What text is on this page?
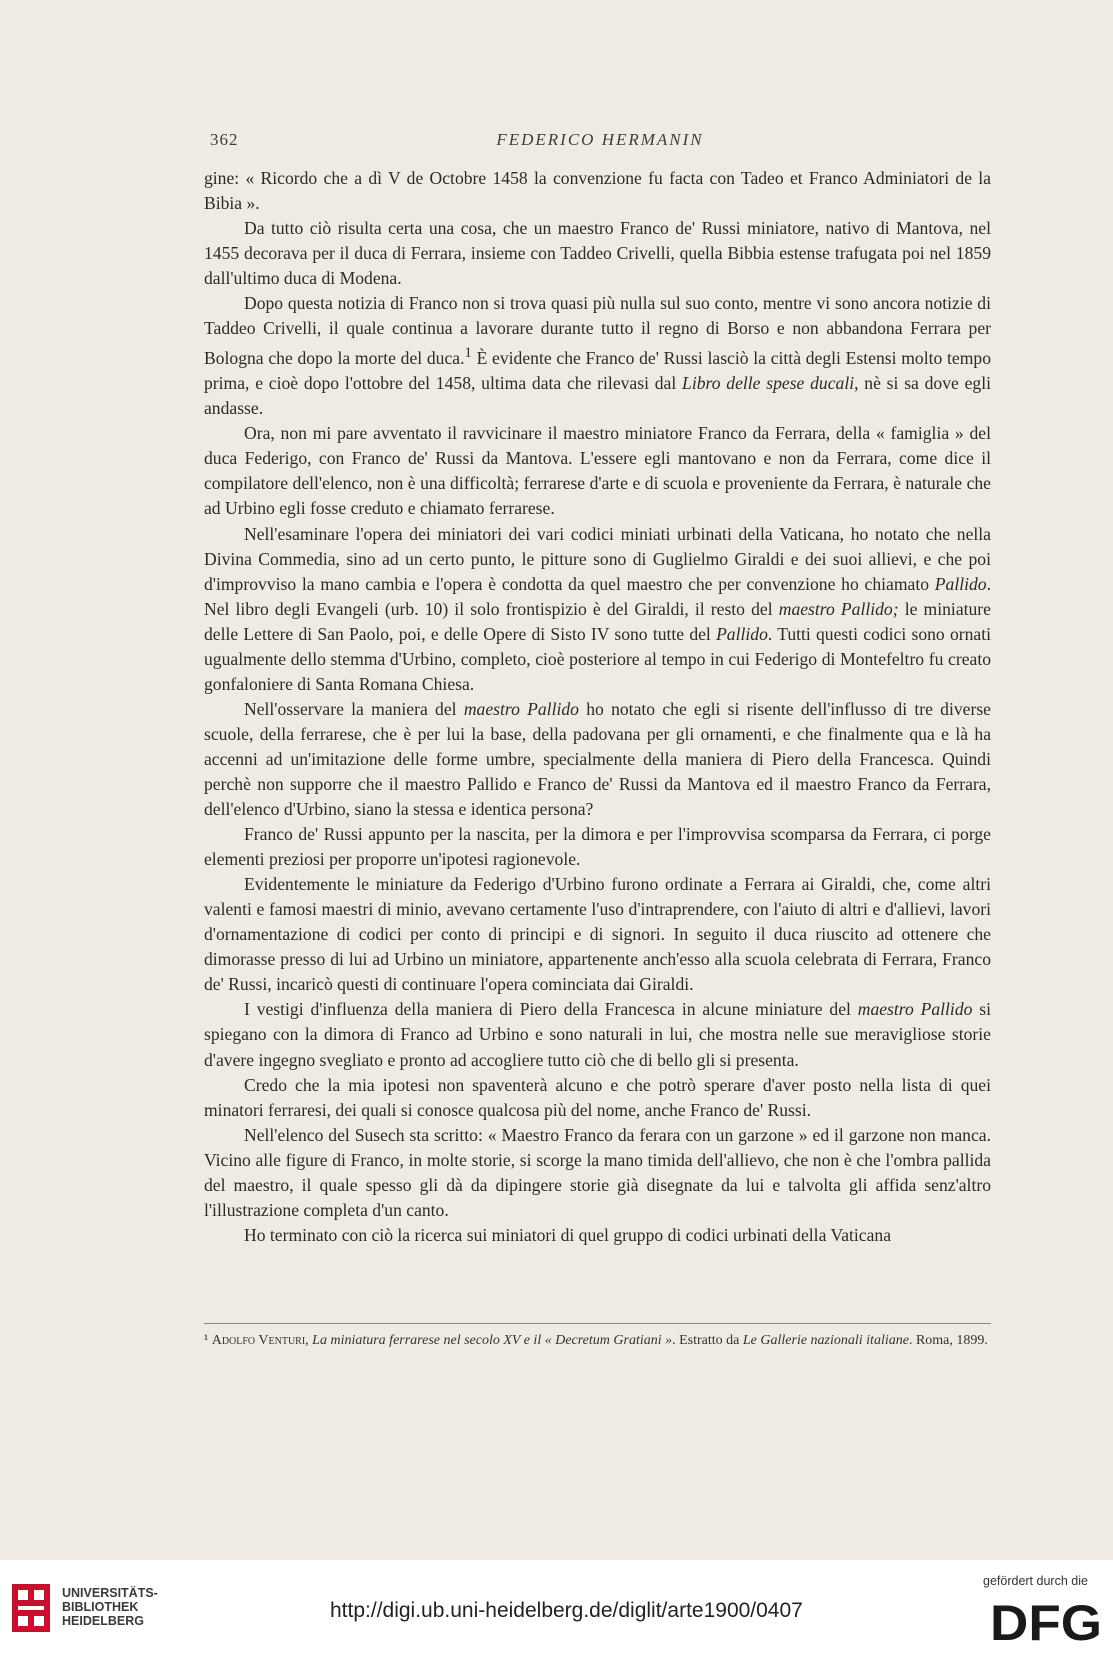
362	FEDERICO HERMANIN

gine: « Ricordo che a dì V de Octobre 1458 la convenzione fu facta con Tadeo et Franco Adminiatori de la Bibia ».

Da tutto ciò risulta certa una cosa, che un maestro Franco de' Russi miniatore, nativo di Mantova, nel 1455 decorava per il duca di Ferrara, insieme con Taddeo Crivelli, quella Bibbia estense trafugata poi nel 1859 dall'ultimo duca di Modena.

Dopo questa notizia di Franco non si trova quasi più nulla sul suo conto, mentre vi sono ancora notizie di Taddeo Crivelli, il quale continua a lavorare durante tutto il regno di Borso e non abbandona Ferrara per Bologna che dopo la morte del duca.$^1$ È evidente che Franco de' Russi lasciò la città degli Estensi molto tempo prima, e cioè dopo l'ottobre del 1458, ultima data che rilevasi dal Libro delle spese ducali, nè si sa dove egli andasse.

Ora, non mi pare avventato il ravvicinare il maestro miniatore Franco da Ferrara, della « famiglia » del duca Federigo, con Franco de' Russi da Mantova. L'essere egli mantovano e non da Ferrara, come dice il compilatore dell'elenco, non è una difficoltà; ferrarese d'arte e di scuola e proveniente da Ferrara, è naturale che ad Urbino egli fosse creduto e chiamato ferrarese.

Nell'esaminare l'opera dei miniatori dei vari codici miniati urbinati della Vaticana, ho notato che nella Divina Commedia, sino ad un certo punto, le pitture sono di Guglielmo Giraldi e dei suoi allievi, e che poi d'improvviso la mano cambia e l'opera è condotta da quel maestro che per convenzione ho chiamato Pallido. Nel libro degli Evangeli (urb. 10) il solo frontispizio è del Giraldi, il resto del maestro Pallido; le miniature delle Lettere di San Paolo, poi, e delle Opere di Sisto IV sono tutte del Pallido. Tutti questi codici sono ornati ugualmente dello stemma d'Urbino, completo, cioè posteriore al tempo in cui Federigo di Montefeltro fu creato gonfaloniere di Santa Romana Chiesa.

Nell'osservare la maniera del maestro Pallido ho notato che egli si risente dell'influsso di tre diverse scuole, della ferrarese, che è per lui la base, della padovana per gli ornamenti, e che finalmente qua e là ha accenni ad un'imitazione delle forme umbre, specialmente della maniera di Piero della Francesca. Quindi perchè non supporre che il maestro Pallido e Franco de' Russi da Mantova ed il maestro Franco da Ferrara, dell'elenco d'Urbino, siano la stessa e identica persona?

Franco de' Russi appunto per la nascita, per la dimora e per l'improvvisa scomparsa da Ferrara, ci porge elementi preziosi per proporre un'ipotesi ragionevole.

Evidentemente le miniature da Federigo d'Urbino furono ordinate a Ferrara ai Giraldi, che, come altri valenti e famosi maestri di minio, avevano certamente l'uso d'intraprendere, con l'aiuto di altri e d'allievi, lavori d'ornamentazione di codici per conto di principi e di signori. In seguito il duca riuscito ad ottenere che dimorasse presso di lui ad Urbino un miniatore, appartenente anch'esso alla scuola celebrata di Ferrara, Franco de' Russi, incaricò questi di continuare l'opera cominciata dai Giraldi.

I vestigi d'influenza della maniera di Piero della Francesca in alcune miniature del maestro Pallido si spiegano con la dimora di Franco ad Urbino e sono naturali in lui, che mostra nelle sue meravigliose storie d'avere ingegno svegliato e pronto ad accogliere tutto ciò che di bello gli si presenta.

Credo che la mia ipotesi non spaventerà alcuno e che potrò sperare d'aver posto nella lista di quei minatori ferraresi, dei quali si conosce qualcosa più del nome, anche Franco de' Russi.

Nell'elenco del Susech sta scritto: « Maestro Franco da ferara con un garzone » ed il garzone non manca. Vicino alle figure di Franco, in molte storie, si scorge la mano timida dell'allievo, che non è che l'ombra pallida del maestro, il quale spesso gli dà da dipingere storie già disegnate da lui e talvolta gli affida senz'altro l'illustrazione completa d'un canto.

Ho terminato con ciò la ricerca sui miniatori di quel gruppo di codici urbinati della Vaticana

¹ Adolfo Venturi, La miniatura ferrarese nel secolo XV e il « Decretum Gratiani ». Estratto da Le Gallerie nazionali italiane. Roma, 1899.
UNIVERSITÄTS-
BIBLIOTHEK
HEIDELBERG	http://digi.ub.uni-heidelberg.de/diglit/arte1900/0407
gefördert durch die
DFG
